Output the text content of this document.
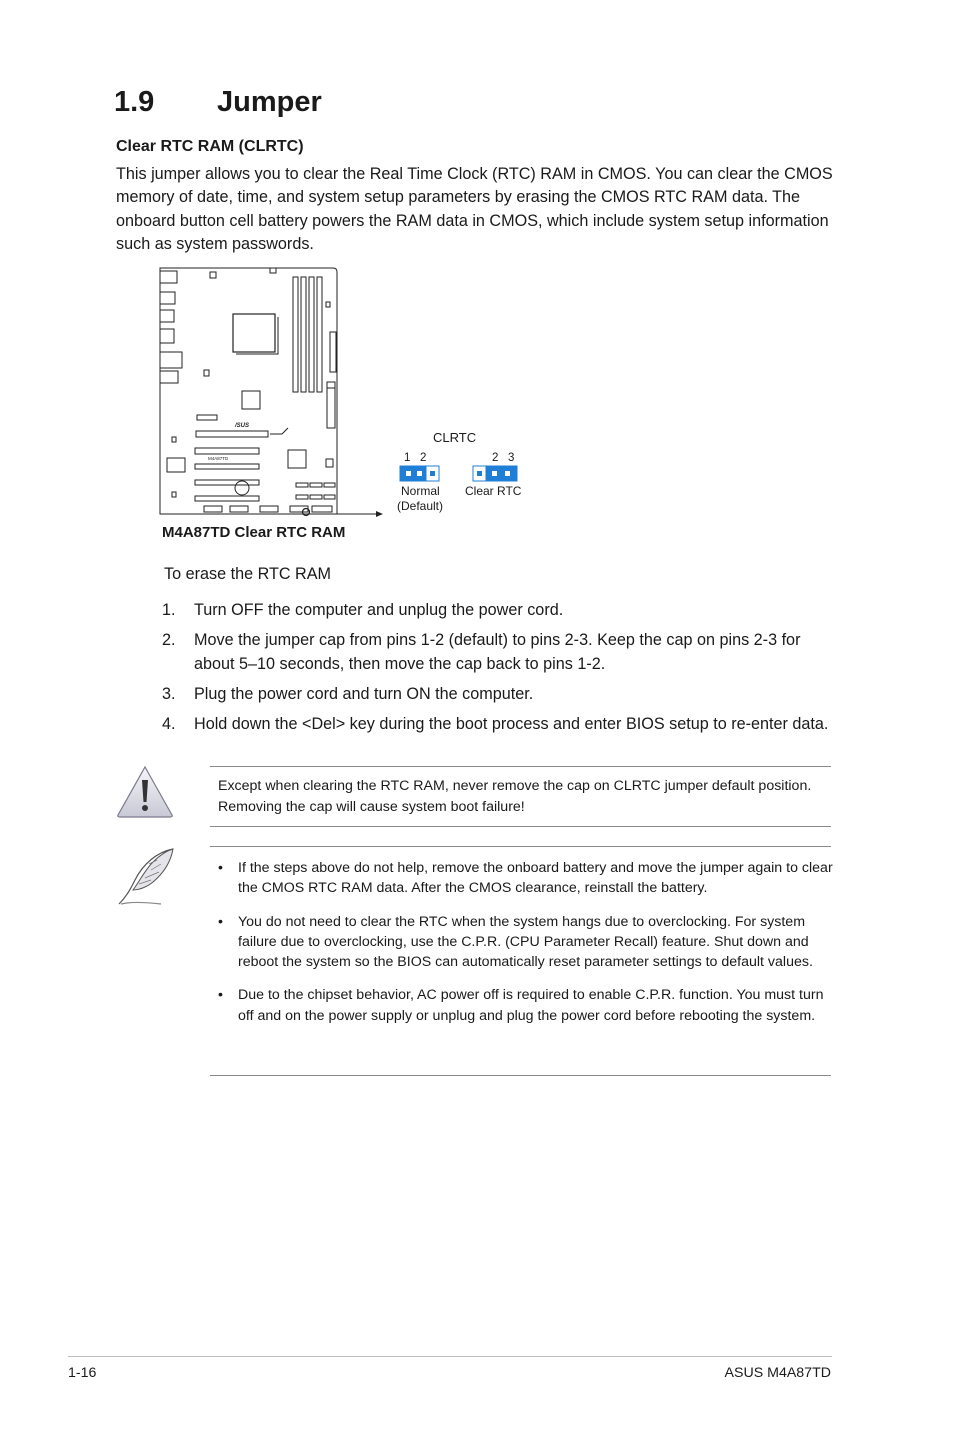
1.9 Jumper
Clear RTC RAM (CLRTC)
This jumper allows you to clear the Real Time Clock (RTC) RAM in CMOS. You can clear the CMOS memory of date, time, and system setup parameters by erasing the CMOS RTC RAM data. The onboard button cell battery powers the RAM data in CMOS, which include system setup information such as system passwords.
/SUS
M4A87TD
CLRTC
1   2	2   3
Normal
(Default)
Clear RTC
M4A87TD Clear RTC RAM
To erase the RTC RAM
1.	Turn OFF the computer and unplug the power cord.
2.	Move the jumper cap from pins 1-2 (default) to pins 2-3. Keep the cap on pins 2-3 for about 5–10 seconds, then move the cap back to pins 1-2.
3.	Plug the power cord and turn ON the computer.
4.	Hold down the <Del> key during the boot process and enter BIOS setup to re-enter data.
Except when clearing the RTC RAM, never remove the cap on CLRTC jumper default position. Removing the cap will cause system boot failure!
•	If the steps above do not help, remove the onboard battery and move the jumper again to clear the CMOS RTC RAM data. After the CMOS clearance, reinstall the battery.
•	You do not need to clear the RTC when the system hangs due to overclocking. For system failure due to overclocking, use the C.P.R. (CPU Parameter Recall) feature. Shut down and reboot the system so the BIOS can automatically reset parameter settings to default values.
•	Due to the chipset behavior, AC power off is required to enable C.P.R. function. You must turn off and on the power supply or unplug and plug the power cord before rebooting the system.
1-16	ASUS M4A87TD
